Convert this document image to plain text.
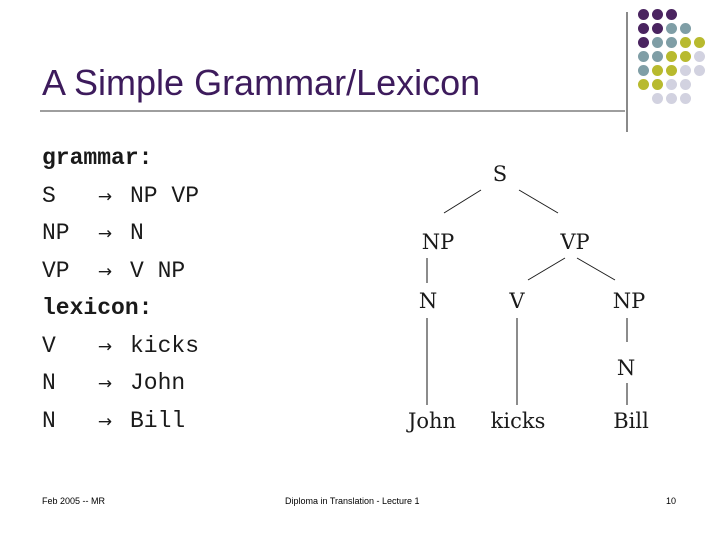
A Simple Grammar/Lexicon
grammar:
S → NP VP
NP → N
VP → V NP
lexicon:
V → kicks
N → John
N → Bill
S
NP	VP
N	V	NP
N
John kicks	Bill
Feb 2005 -- MR	Diploma in Translation - Lecture 1	10
